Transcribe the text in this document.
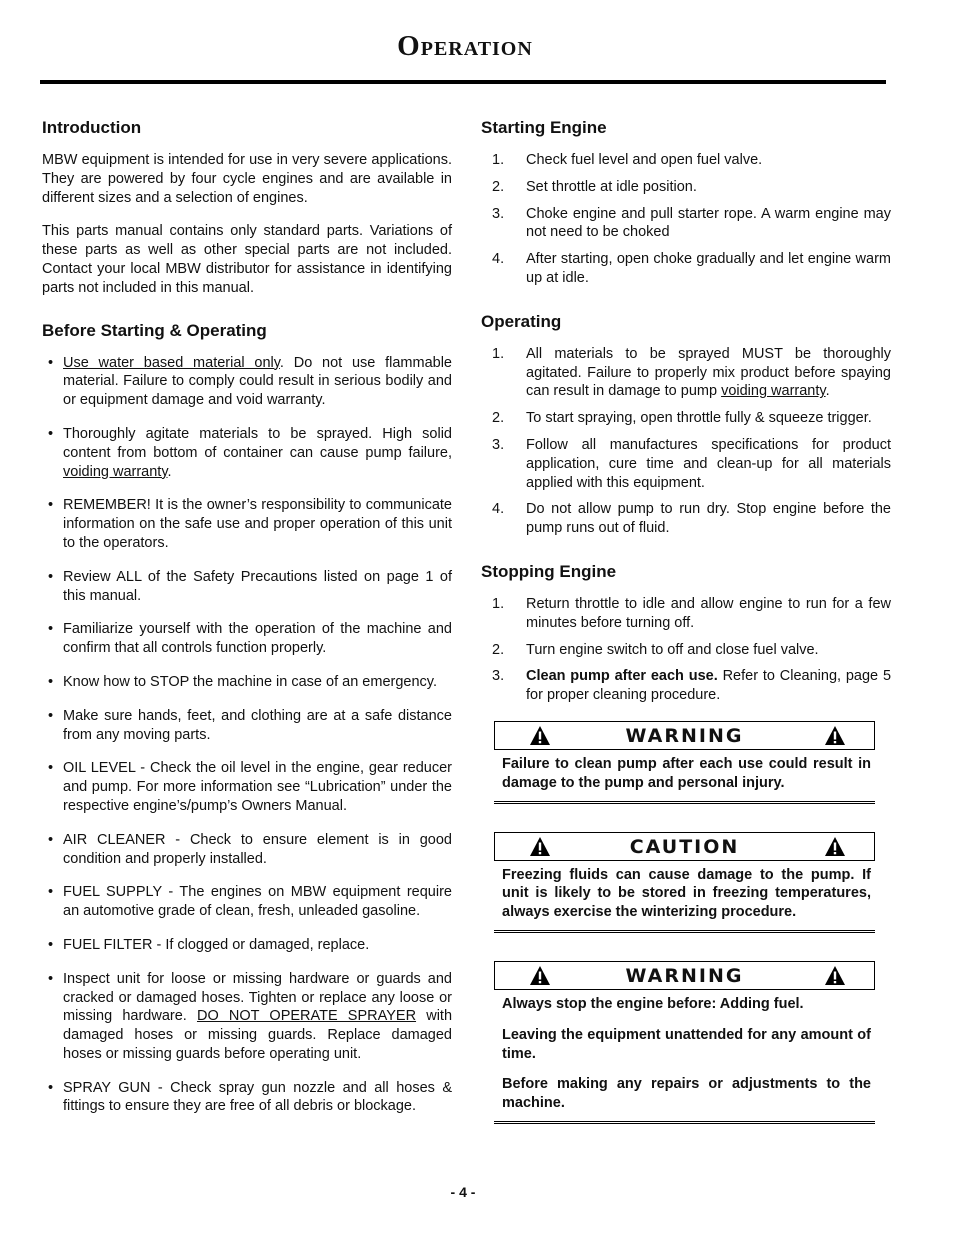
Operation
Introduction

MBW equipment is intended for use in very severe applications. They are powered by four cycle engines and are available in different sizes and a selection of engines.

This parts manual contains only standard parts. Variations of these parts as well as other special parts are not included. Contact your local MBW distributor for assistance in identifying parts not included in this manual.

Before Starting & Operating
• Use water based material only. Do not use flammable material. Failure to comply could result in serious bodily and or equipment damage and void warranty.
• Thoroughly agitate materials to be sprayed. High solid content from bottom of container can cause pump failure, voiding warranty.
• REMEMBER! It is the owner’s responsibility to communicate information on the safe use and proper operation of this unit to the operators.
• Review ALL of the Safety Precautions listed on page 1 of this manual.
• Familiarize yourself with the operation of the machine and confirm that all controls function properly.
• Know how to STOP the machine in case of an emergency.
• Make sure hands, feet, and clothing are at a safe distance from any moving parts.
• OIL LEVEL - Check the oil level in the engine, gear reducer and pump. For more information see “Lubrication” under the respective engine’s/pump’s Owners Manual.
• AIR CLEANER - Check to ensure element is in good condition and properly installed.
• FUEL SUPPLY - The engines on MBW equipment require an automotive grade of clean, fresh, unleaded gasoline.
• FUEL FILTER - If clogged or damaged, replace.
• Inspect unit for loose or missing hardware or guards and cracked or damaged hoses. Tighten or replace any loose or missing hardware. DO NOT OPERATE SPRAYER with damaged hoses or missing guards. Replace damaged hoses or missing guards before operating unit.
• SPRAY GUN - Check spray gun nozzle and all hoses & fittings to ensure they are free of all debris or blockage.
Starting Engine
1. Check fuel level and open fuel valve.
2. Set throttle at idle position.
3. Choke engine and pull starter rope. A warm engine may not need to be choked
4. After starting, open choke gradually and let engine warm up at idle.
Operating
1. All materials to be sprayed MUST be thoroughly agitated. Failure to properly mix product before spaying can result in damage to pump voiding warranty.
2. To start spraying, open throttle fully & squeeze trigger.
3. Follow all manufactures specifications for product application, cure time and clean-up for all materials applied with this equipment.
4. Do not allow pump to run dry. Stop engine before the pump runs out of fluid.
Stopping Engine
1. Return throttle to idle and allow engine to run for a few minutes before turning off.
2. Turn engine switch to off and close fuel valve.
3. Clean pump after each use. Refer to Cleaning, page 5 for proper cleaning procedure.
WARNING

Failure to clean pump after each use could result in damage to the pump and personal injury.

CAUTION

Freezing fluids can cause damage to the pump. If unit is likely to be stored in freezing temperatures, always exercise the winterizing procedure.

WARNING

Always stop the engine before: Adding fuel.

Leaving the equipment unattended for any amount of time.

Before making any repairs or adjustments to the machine.

- 4 -
